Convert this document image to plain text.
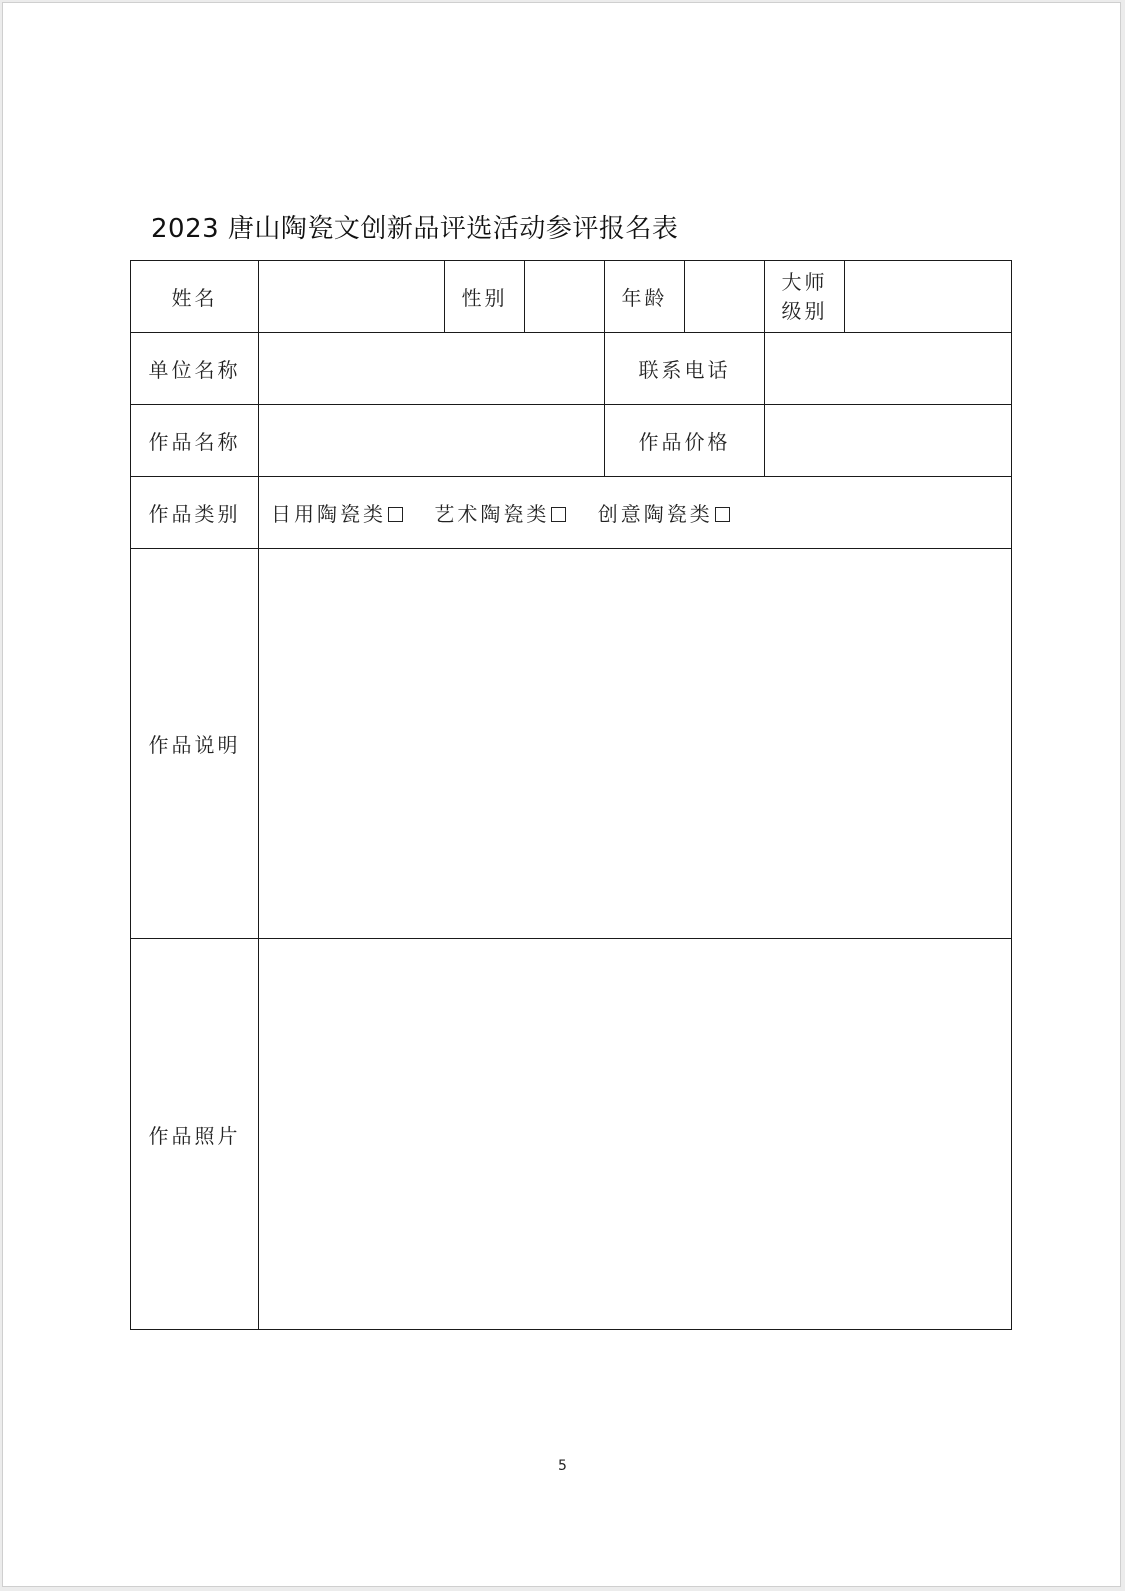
2023 唐山陶瓷文创新品评选活动参评报名表
姓名		性别		年龄		大师
级别	
单位名称				联系电话			
作品名称				作品价格			
作品类别	日用陶瓷类 艺术陶瓷类 创意陶瓷类						
作品说明							
作品照片							
5
